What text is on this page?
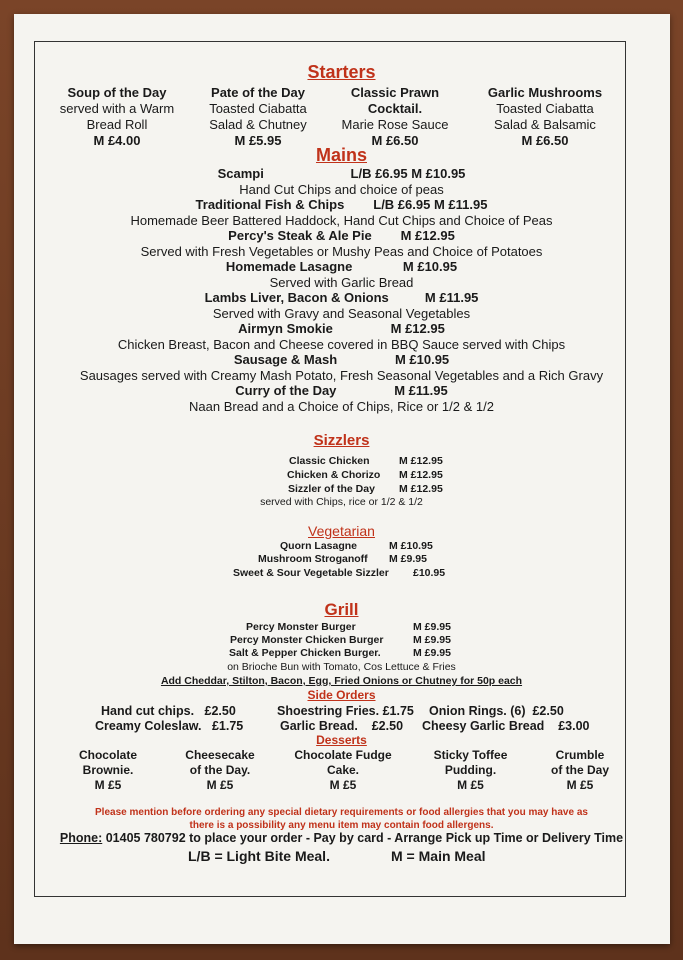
Starters
Soup of the Day
served with a Warm
Bread Roll
M £4.00
Pate of the Day
Toasted Ciabatta
Salad & Chutney
M £5.95
Classic Prawn
Cocktail.
Marie Rose Sauce
M £6.50
Garlic Mushrooms
Toasted Ciabatta
Salad & Balsamic
M £6.50
Mains
Scampi	L/B £6.95 M £10.95
Hand Cut Chips and choice of peas
Traditional Fish & Chips L/B £6.95 M £11.95
Homemade Beer Battered Haddock, Hand Cut Chips and Choice of Peas
Percy's Steak & Ale Pie M £12.95
Served with Fresh Vegetables or Mushy Peas and Choice of Potatoes
Homemade Lasagne	M £10.95
Served with Garlic Bread
Lambs Liver, Bacon & Onions	M £11.95
Served with Gravy and Seasonal Vegetables
Airmyn Smokie	M £12.95
Chicken Breast, Bacon and Cheese covered in BBQ Sauce served with Chips
Sausage & Mash	M £10.95
Sausages served with Creamy Mash Potato, Fresh Seasonal Vegetables and a Rich Gravy
Curry of the Day	M £11.95
Naan Bread and a Choice of Chips, Rice or 1/2 & 1/2
Sizzlers
Classic Chicken	M £12.95
Chicken & Chorizo M £12.95
Sizzler of the Day M £12.95
served with Chips, rice or 1/2 & 1/2
Vegetarian
Quorn Lasagne	M £10.95
Mushroom Stroganoff M £9.95
Sweet & Sour Vegetable Sizzler £10.95
Grill
Percy Monster Burger	M £9.95
Percy Monster Chicken Burger	M £9.95
Salt & Pepper Chicken Burger.	M £9.95
on Brioche Bun with Tomato, Cos Lettuce & Fries
Add Cheddar, Stilton, Bacon, Egg, Fried Onions or Chutney for 50p each
Side Orders
Hand cut chips. £2.50	Shoestring Fries. £1.75 Onion Rings. (6) £2.50
Creamy Coleslaw. £1.75	Garlic Bread. £2.50 Cheesy Garlic Bread £3.00
Desserts
Chocolate
Brownie.
M £5
Cheesecake
of the Day.
M £5
Chocolate Fudge
Cake.
M £5
Sticky Toffee
Pudding.
M £5
Crumble
of the Day
M £5
Please mention before ordering any special dietary requirements or food allergies that you may have as
there is a possibility any menu item may contain food allergens.
Phone: 01405 780792 to place your order - Pay by card - Arrange Pick up Time or Delivery Time
L/B = Light Bite Meal.	M = Main Meal
